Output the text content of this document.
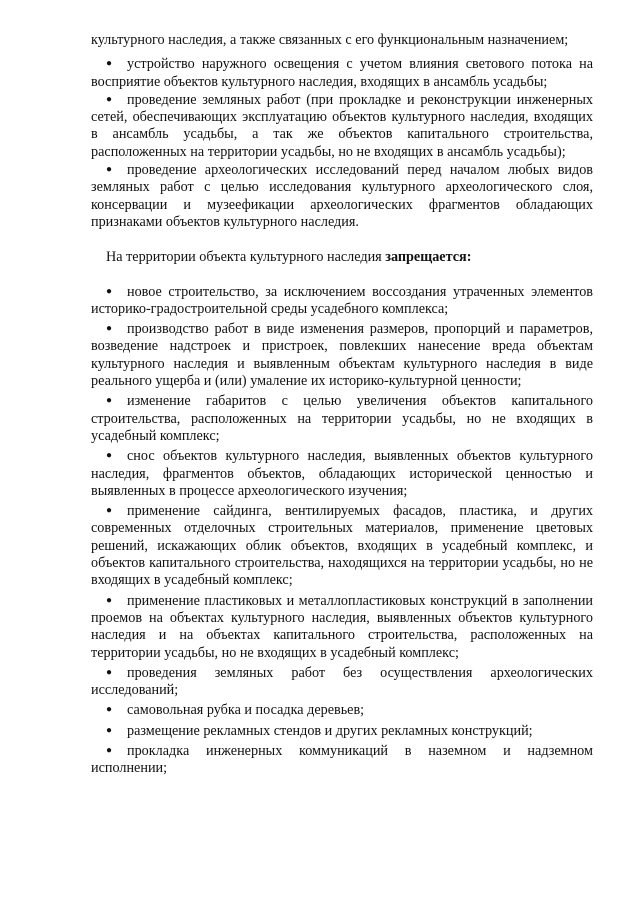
культурного наследия, а также связанных с его функциональным назначением;

● устройство наружного освещения с учетом влияния светового потока на восприятие объектов культурного наследия, входящих в ансамбль усадьбы;

● проведение земляных работ (при прокладке и реконструкции инженерных сетей, обеспечивающих эксплуатацию объектов культурного наследия, входящих в ансамбль усадьбы, а так же объектов капитального строительства, расположенных на территории усадьбы, но не входящих в ансамбль усадьбы);

● проведение археологических исследований перед началом любых видов земляных работ с целью исследования культурного археологического слоя, консервации и музеефикации археологических фрагментов обладающих признаками объектов культурного наследия.

На территории объекта культурного наследия запрещается:

● новое строительство, за исключением воссоздания утраченных элементов историко-градостроительной среды усадебного комплекса;

● производство работ в виде изменения размеров, пропорций и параметров, возведение надстроек и пристроек, повлекших нанесение вреда объектам культурного наследия и выявленным объектам культурного наследия в виде реального ущерба и (или) умаление их историко-культурной ценности;

● изменение габаритов с целью увеличения объектов капитального строительства, расположенных на территории усадьбы, но не входящих в усадебный комплекс;

● снос объектов культурного наследия, выявленных объектов культурного наследия, фрагментов объектов, обладающих исторической ценностью и выявленных в процессе археологического изучения;

● применение сайдинга, вентилируемых фасадов, пластика, и других современных отделочных строительных материалов, применение цветовых решений, искажающих облик объектов, входящих в усадебный комплекс, и объектов капитального строительства, находящихся на территории усадьбы, но не входящих в усадебный комплекс;

● применение пластиковых и металлопластиковых конструкций в заполнении проемов на объектах культурного наследия, выявленных объектов культурного наследия и на объектах капитального строительства, расположенных на территории усадьбы, но не входящих в усадебный комплекс;

● проведения земляных работ без осуществления археологических исследований;

● самовольная рубка и посадка деревьев;

● размещение рекламных стендов и других рекламных конструкций;

● прокладка инженерных коммуникаций в наземном и надземном исполнении;
